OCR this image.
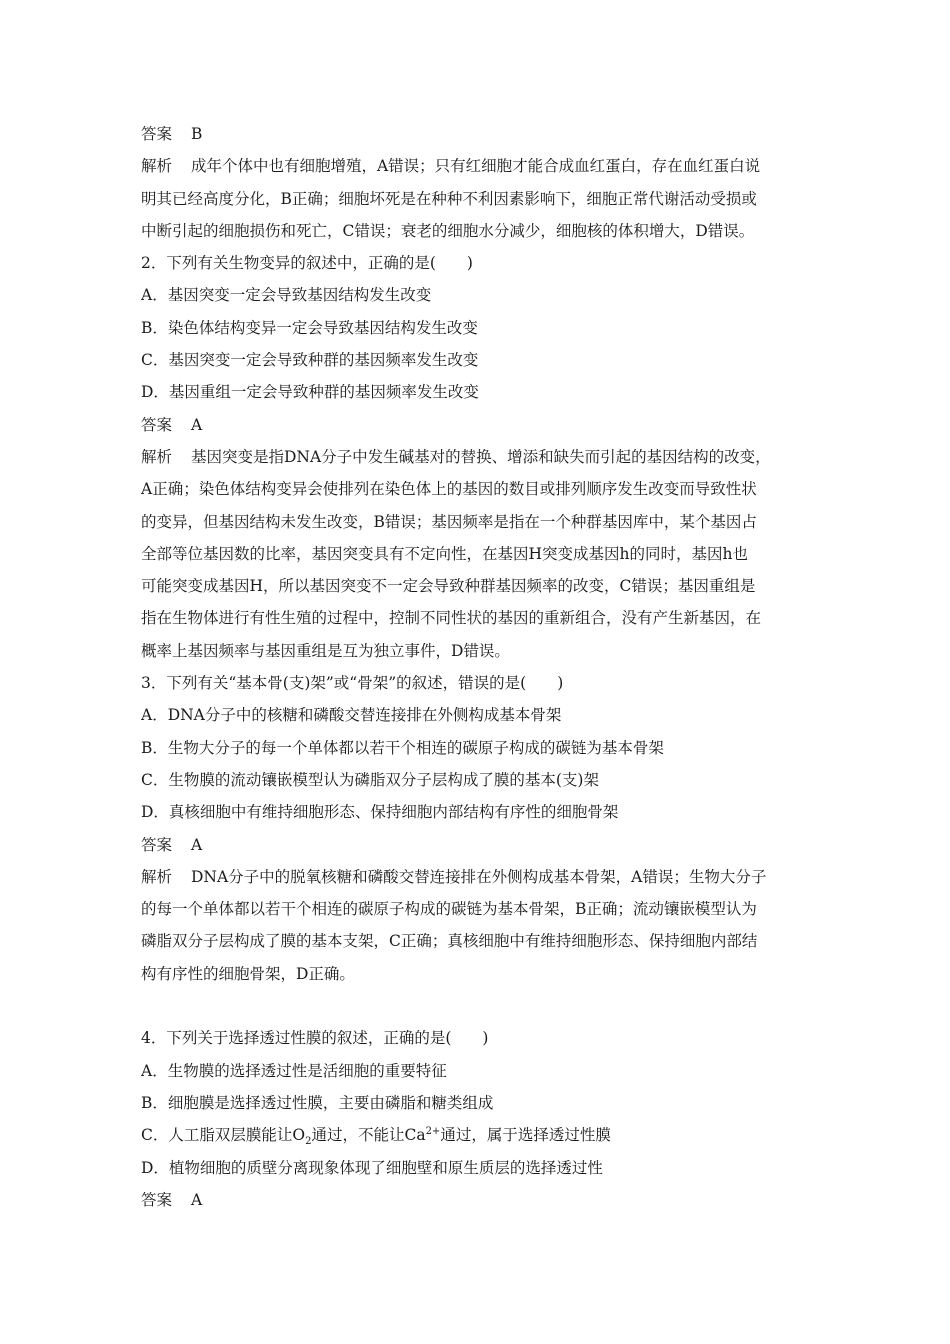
答案 B
解析 成年个体中也有细胞增殖，A错误；只有红细胞才能合成血红蛋白，存在血红蛋白说
明其已经高度分化，B正确；细胞坏死是在种种不利因素影响下，细胞正常代谢活动受损或
中断引起的细胞损伤和死亡，C错误；衰老的细胞水分减少，细胞核的体积增大，D错误。
2．下列有关生物变异的叙述中，正确的是(　　)
A．基因突变一定会导致基因结构发生改变
B．染色体结构变异一定会导致基因结构发生改变
C．基因突变一定会导致种群的基因频率发生改变
D．基因重组一定会导致种群的基因频率发生改变
答案 A
解析 基因突变是指DNA分子中发生碱基对的替换、增添和缺失而引起的基因结构的改变，
A正确；染色体结构变异会使排列在染色体上的基因的数目或排列顺序发生改变而导致性状
的变异，但基因结构未发生改变，B错误；基因频率是指在一个种群基因库中，某个基因占
全部等位基因数的比率，基因突变具有不定向性，在基因H突变成基因h的同时，基因h也
可能突变成基因H，所以基因突变不一定会导致种群基因频率的改变，C错误；基因重组是
指在生物体进行有性生殖的过程中，控制不同性状的基因的重新组合，没有产生新基因，在
概率上基因频率与基因重组是互为独立事件，D错误。
3．下列有关“基本骨(支)架”或“骨架”的叙述，错误的是(　　)
A．DNA分子中的核糖和磷酸交替连接排在外侧构成基本骨架
B．生物大分子的每一个单体都以若干个相连的碳原子构成的碳链为基本骨架
C．生物膜的流动镶嵌模型认为磷脂双分子层构成了膜的基本(支)架
D．真核细胞中有维持细胞形态、保持细胞内部结构有序性的细胞骨架
答案 A
解析 DNA分子中的脱氧核糖和磷酸交替连接排在外侧构成基本骨架，A错误；生物大分子
的每一个单体都以若干个相连的碳原子构成的碳链为基本骨架，B正确；流动镶嵌模型认为
磷脂双分子层构成了膜的基本支架，C正确；真核细胞中有维持细胞形态、保持细胞内部结
构有序性的细胞骨架，D正确。
4．下列关于选择透过性膜的叙述，正确的是(　　)
A．生物膜的选择透过性是活细胞的重要特征
B．细胞膜是选择透过性膜，主要由磷脂和糖类组成
C．人工脂双层膜能让$O_2$通过，不能让$Ca^{2+}$通过，属于选择透过性膜
D．植物细胞的质壁分离现象体现了细胞壁和原生质层的选择透过性
答案 A
